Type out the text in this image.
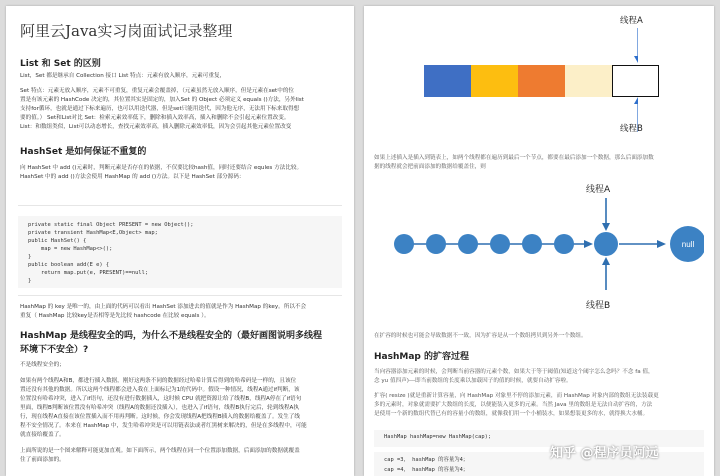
阿里云Java实习岗面试记录整理
List 和 Set 的区别
List，Set 都是继承自 Collection 接口 List 特点：元素有放入顺序，元素可重复，
Set 特点：元素无放入顺序，元素不可重复，重复元素会覆盖掉，（元素虽然无放入顺序，但是元素在set中的位
置是有该元素的 HashCode 决定的，其位置其实是固定的，加入Set 的 Object 必须定义 equals ()方法，另外list
支持for循环，也就是通过下标来遍历，也可以用迭代器，但是set只能用迭代，因为他无序，无法用下标来取得想
要的值。） Set和List对比 Set：检索元素效率低下，删除和插入效率高，插入和删除不会引起元素位置改变。
List：和数组类似，List可以动态增长，查找元素效率高，插入删除元素效率低，因为会引起其他元素位置改变
HashSet 是如何保证不重复的
向 HashSet 中 add ()元素时，判断元素是否存在的依据，不仅要比较hash值，同时还要结合 equles 方法比较。
HashSet 中的 add ()方法会使用 HashMap 的 add ()方法。以下是 HashSet 部分源码：
private static final Object PRESENT = new Object();
private transient HashMap<E,Object> map;
public HashSet() {
map = new HashMap<>();
}
public boolean add(E e) {
return map.put(e, PRESENT)==null;
}
HashMap 的 key 是唯一的，由上面的代码可以看出 HashSet 添加进去的值就是作为 HashMap 的key。所以不会
重复（ HashMap 比较key是否相等是先比较 hashcode 在比较 equals ）。
HashMap 是线程安全的吗，为什么不是线程安全的（最好画图说明多线程
环境下不安全）?
不是线程安全的；
如果有两个线程A和B，都进行插入数据，刚好这两条不同的数据经过哈希计算后得到的哈希码是一样的，且该位
置还没有其他的数据。所以这两个线程都会进入我在上面标记为1的代码中。假设一种情况，线程A通过if判断，该
位置没有哈希冲突，进入了if语句，还没有进行数据插入，这时候 CPU 就把资源让给了线程B，线程A停在了if语句
里面，线程B判断该位置没有哈希冲突（线程A的数据还没插入），也进入了if语句，线程B执行完后，轮到线程A执
行，现在线程A直接在该位置插入而不用再判断。这时候，你会发现线程A把线程B插入的数据给覆盖了。发生了线
程不安全情况了。本来在 HashMap 中，发生哈希冲突是可以用链表法或者红黑树来解决的，但是在多线程中，可能
就直接给覆盖了。
上面所说的是一个图来解释可能更加直观。如下面所示，两个线程在同一个位置添加数据，后面添加的数据就覆盖
住了前面添加的。
线程A
线程B
如果上述插入是插入到链表上，如两个线程都在遍历到最后一个节点，都要在最后添加一个数据，那么后面添加数
据的线程就会把前面添加的数据给覆盖住，则
null
线程A
线程B
在扩容的时候也可能会导致数据不一致，因为扩容是从一个数组拷贝到另外一个数组。
HashMap 的扩容过程
当向容器添加元素的时候，会判断当前容器的元素个数，如果大于等于阈值(知道这个阈字怎么念吗？不念 fa 值，
念 yu 值四声)---即当前数组的长度乘以加载因子的值的时候，就要自动扩容啦。
扩容( resize )就是重新计算容量，向 HashMap 对象里不停的添加元素，而 HashMap 对象内部的数组无法装载更
多的元素时，对象就需要扩大数组的长度，以便能装入更多的元素。当然 Java 里的数组是无法自动扩容的，方法
是使用一个新的数组代替已有的容量小的数组，就像我们用一个小桶装水，如果想装更多的水，就得换大水桶。
HashMap hashMap=new HashMap(cap);
cap =3， hashMap 的容量为4；
cap =4， hashMap 的容量为4；
知乎 @程序员阿远
